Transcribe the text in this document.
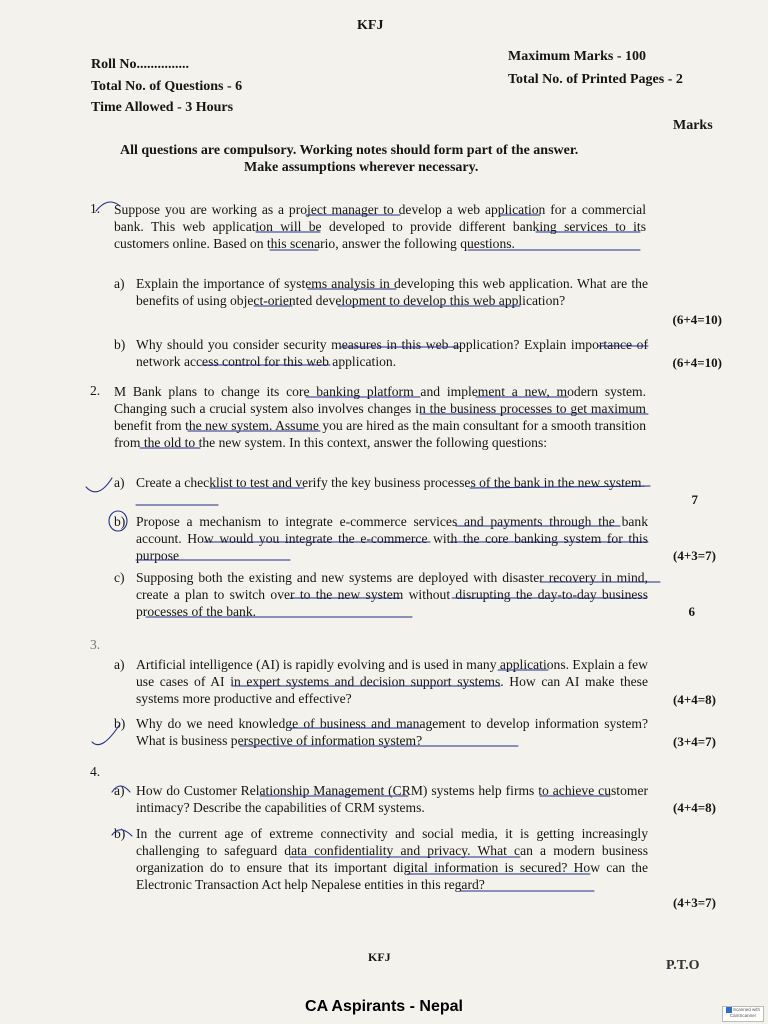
KFJ
Roll No...............
Total No. of Questions - 6
Time Allowed - 3 Hours
Maximum Marks - 100
Total No. of Printed Pages - 2
Marks
All questions are compulsory. Working notes should form part of the answer.
Make assumptions wherever necessary.
1. Suppose you are working as a project manager to develop a web application for a commercial bank. This web application will be developed to provide different banking services to its customers online. Based on this scenario, answer the following questions.
a) Explain the importance of systems analysis in developing this web application. What are the benefits of using object-oriented development to develop this web application?
(6+4=10)
b) Why should you consider security measures in this web application? Explain importance of network access control for this web application.	(6+4=10)
2. M Bank plans to change its core banking platform and implement a new, modern system. Changing such a crucial system also involves changes in the business processes to get maximum benefit from the new system. Assume you are hired as the main consultant for a smooth transition from the old to the new system. In this context, answer the following questions:
a) Create a checklist to test and verify the key business processes of the bank in the new system.
7
b) Propose a mechanism to integrate e-commerce services and payments through the bank account. How would you integrate the e-commerce with the core banking system for this purpose	(4+3=7)
c) Supposing both the existing and new systems are deployed with disaster recovery in mind, create a plan to switch over to the new system without disrupting the day-to-day business processes of the bank.	6
3.
a) Artificial intelligence (AI) is rapidly evolving and is used in many applications. Explain a few use cases of AI in expert systems and decision support systems. How can AI make these systems more productive and effective?	(4+4=8)
b) Why do we need knowledge of business and management to develop information system? What is business perspective of information system?	(3+4=7)
4.
a) How do Customer Relationship Management (CRM) systems help firms to achieve customer intimacy? Describe the capabilities of CRM systems.	(4+4=8)
b) In the current age of extreme connectivity and social media, it is getting increasingly challenging to safeguard data confidentiality and privacy. What can a modern business organization do to ensure that its important digital information is secured? How can the Electronic Transaction Act help Nepalese entities in this regard?
(4+3=7)
KFJ
P.T.O
CA Aspirants - Nepal	Scanned with CamScanner
